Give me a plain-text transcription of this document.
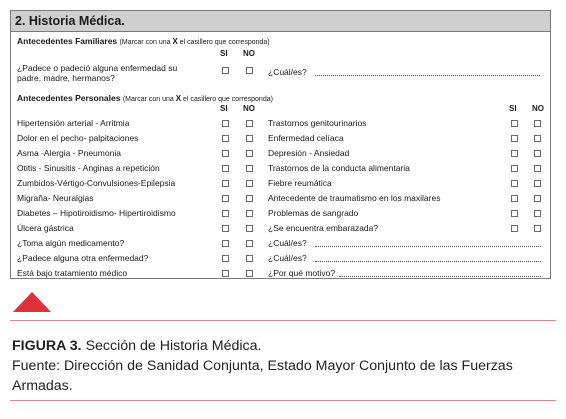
2. Historia Médica.
Antecedentes Familiares (Marcar con una X el casillero que corresponda)
SI NO
¿Padece o padeció alguna enfermedad su
padre, madre, hermanos?
¿Cuál/es?
Antecedentes Personales (Marcar con una X el casillero que corresponda)
SI NO	SI NO
Hipertensión arterial - Arritmia	Trastornos genitourinarios
Dolor en el pecho- palpitaciones	Enfermedad celíaca
Asma -Alergia - Pneumonia	Depresión - Ansiedad
Otitis - Sinusitis - Anginas a repetición	Trastornos de la conducta alimentaria
Zumbidos-Vértigo-Convulsiones-Epilepsia	Fiebre reumática
Migraña- Neuralgias	Antecedente de traumatismo en los maxilares
Diabetes – Hipotiroidismo- Hipertiroidismo	Problemas de sangrado
Úlcera gástrica	¿Se encuentra embarazada?
¿Toma algún medicamento?	¿Cuál/es?
¿Padece alguna otra enfermedad?	¿Cuál/es?
Está bajo tratamiento médico	¿Por qué motivo?
FIGURA 3. Sección de Historia Médica.
Fuente: Dirección de Sanidad Conjunta, Estado Mayor Conjunto de las Fuerzas Armadas.
